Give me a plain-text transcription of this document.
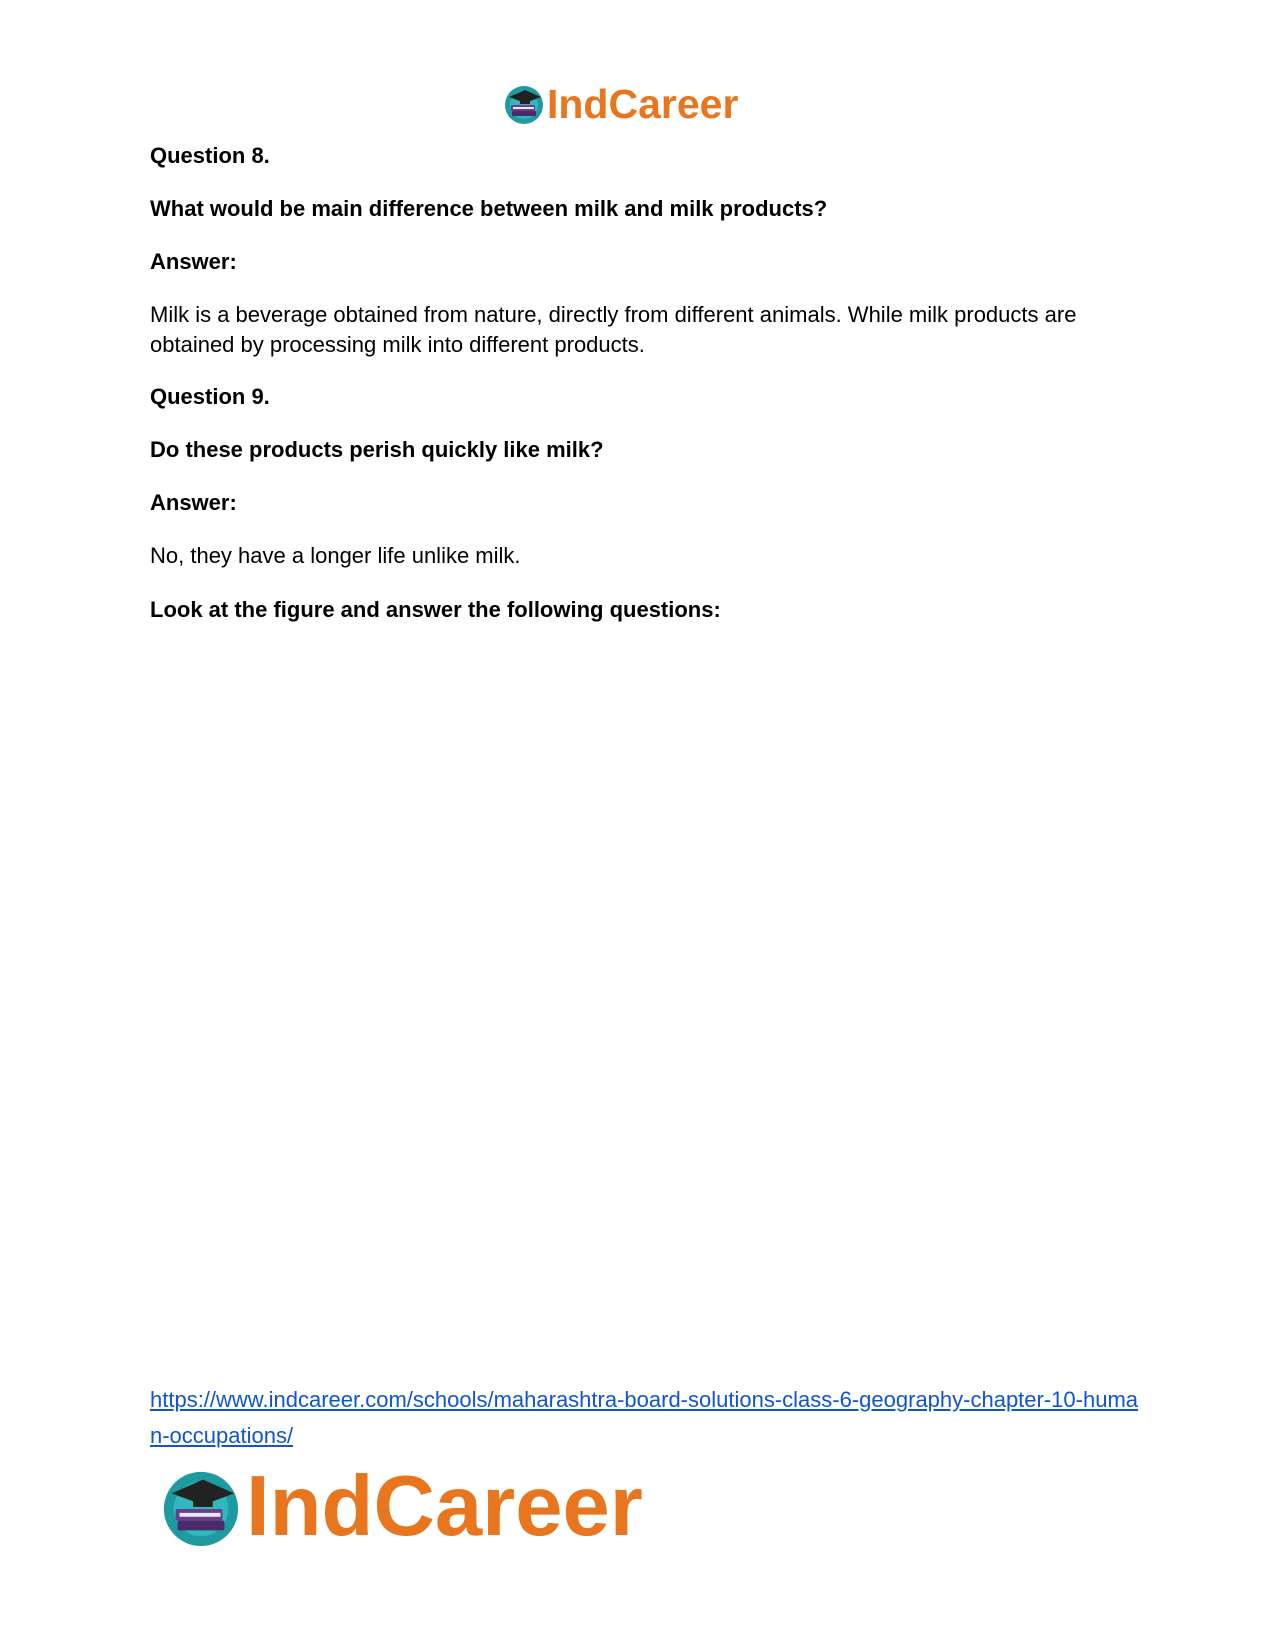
IndCareer
Question 8.
What would be main difference between milk and milk products?
Answer:
Milk is a beverage obtained from nature, directly from different animals. While milk products are obtained by processing milk into different products.
Question 9.
Do these products perish quickly like milk?
Answer:
No, they have a longer life unlike milk.
Look at the figure and answer the following questions:
https://www.indcareer.com/schools/maharashtra-board-solutions-class-6-geography-chapter-10-human-occupations/
IndCareer
